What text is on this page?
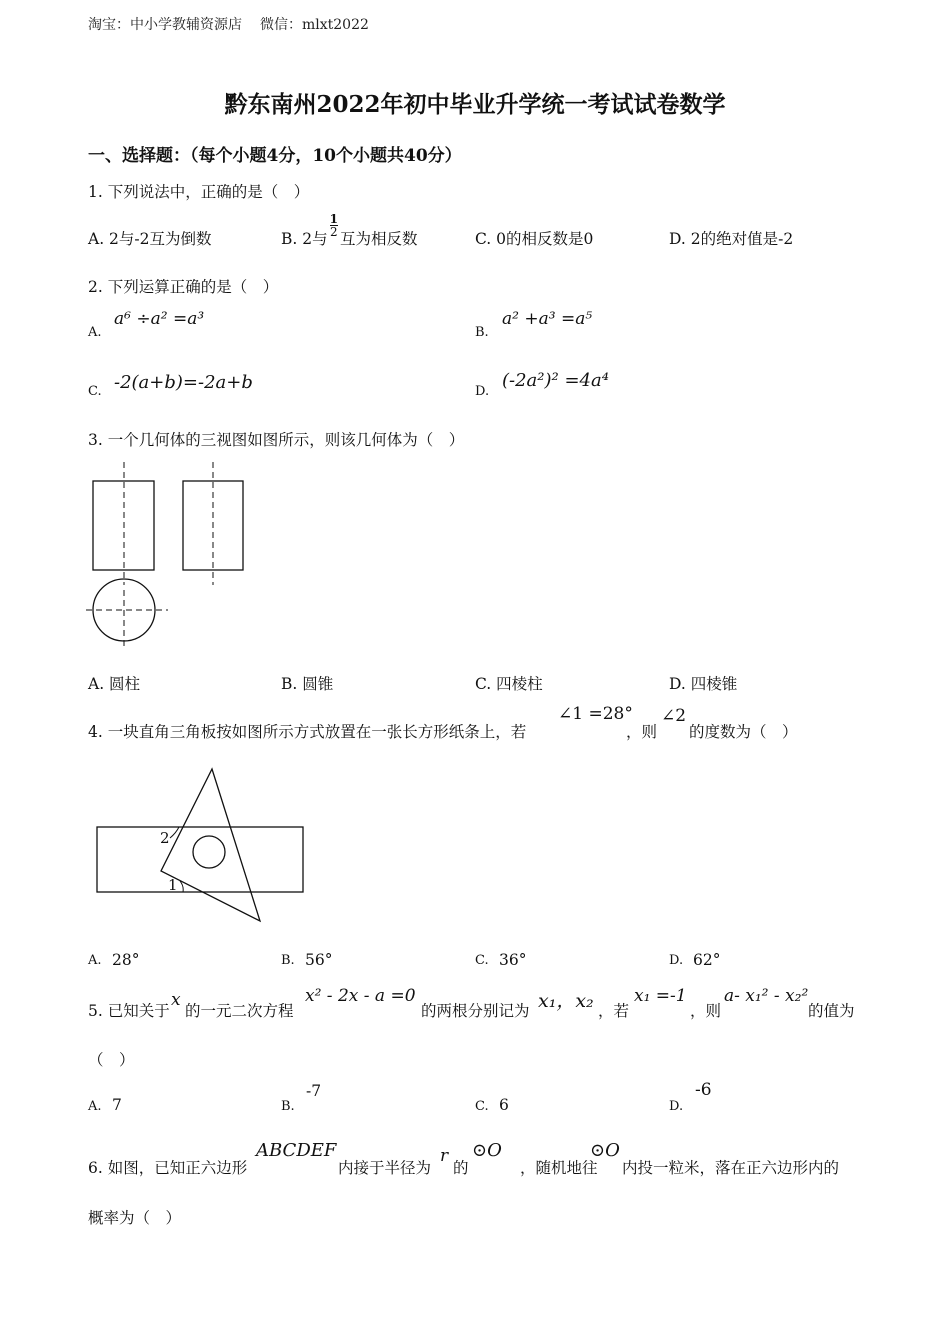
淘宝：中小学教辅资源店 微信：mlxt2022
黔东南州2022年初中毕业升学统一考试试卷数学
一、选择题：（每个小题4分，10个小题共40分）
1. 下列说法中，正确的是（　）
A. 2与-2互为倒数	B. 2与
$\frac{1}{2}$
互为相反数	C. 0的相反数是0	D. 2的绝对值是-2
2. 下列运算正确的是（　）
A.
a⁶ ÷a² =a³
B.
a² +a³ =a⁵
C. -2(a+b)=-2a+b	D.
(-2a²)² =4a⁴
3. 一个几何体的三视图如图所示，则该几何体为（　）
A. 圆柱	B. 圆锥	C. 四棱柱	D. 四棱锥
4. 一块直角三角板按如图所示方式放置在一张长方形纸条上，若
∠1 =28°
，则
∠2
的度数为（　）
2
1
A. 28°	B. 56°	C. 36°	D. 62°
5. 已知关于
x
的一元二次方程
x² - 2x - a =0
的两根分别记为 x₁，x₂ ，若
x₁ =-1
，则
a- x₁² - x₂²
的值为
（　）
A. 7	B.
-7
C. 6	D.
-6
6. 如图，已知正六边形
ABCDEF
内接于半径为
r
的
⊙O
，随机地往
⊙O
内投一粒米，落在正六边形内的
概率为（　）
